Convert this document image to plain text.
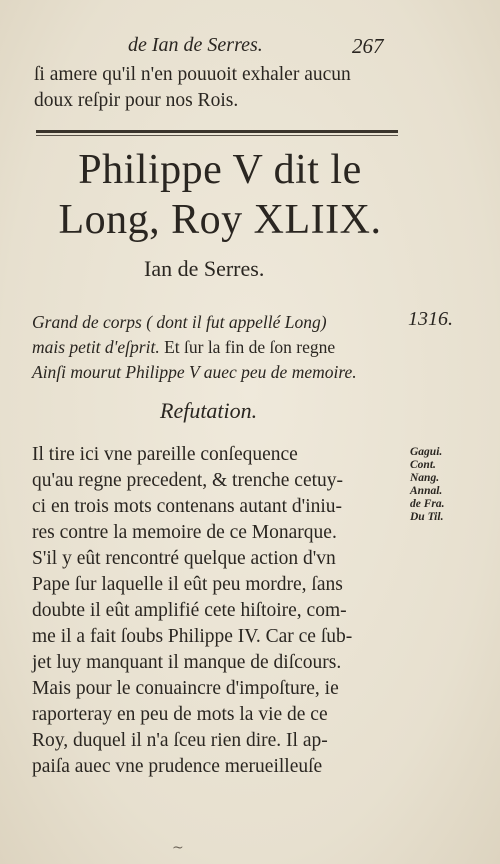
de Ian de Serres.	267
ſi amere qu'il n'en pouuoit exhaler aucun
doux reſpir pour nos Rois.
Philippe V dit le
Long, Roy XLIIX.
Ian de Serres.
1316.
Grand de corps ( dont il fut appellé Long)
mais petit d'eſprit. Et ſur la fin de ſon regne
Ainſi mourut Philippe V auec peu de memoire.
Refutation.
Il tire ici vne pareille conſequence
qu'au regne precedent, & trenche cetuy-
ci en trois mots contenans autant d'iniu-
res contre la memoire de ce Monarque.
S'il y eût rencontré quelque action d'vn
Pape ſur laquelle il eût peu mordre, ſans
doubte il eût amplifié cete hiſtoire, com-
me il a fait ſoubs Philippe IV. Car ce ſub-
jet luy manquant il manque de diſcours.
Mais pour le conuaincre d'impoſture, ie
raporteray en peu de mots la vie de ce
Roy, duquel il n'a ſceu rien dire. Il ap-
paiſa auec vne prudence merueilleuſe
Gagui.
Cont.
Nang.
Annal.
de Fra.
Du Til.
~
